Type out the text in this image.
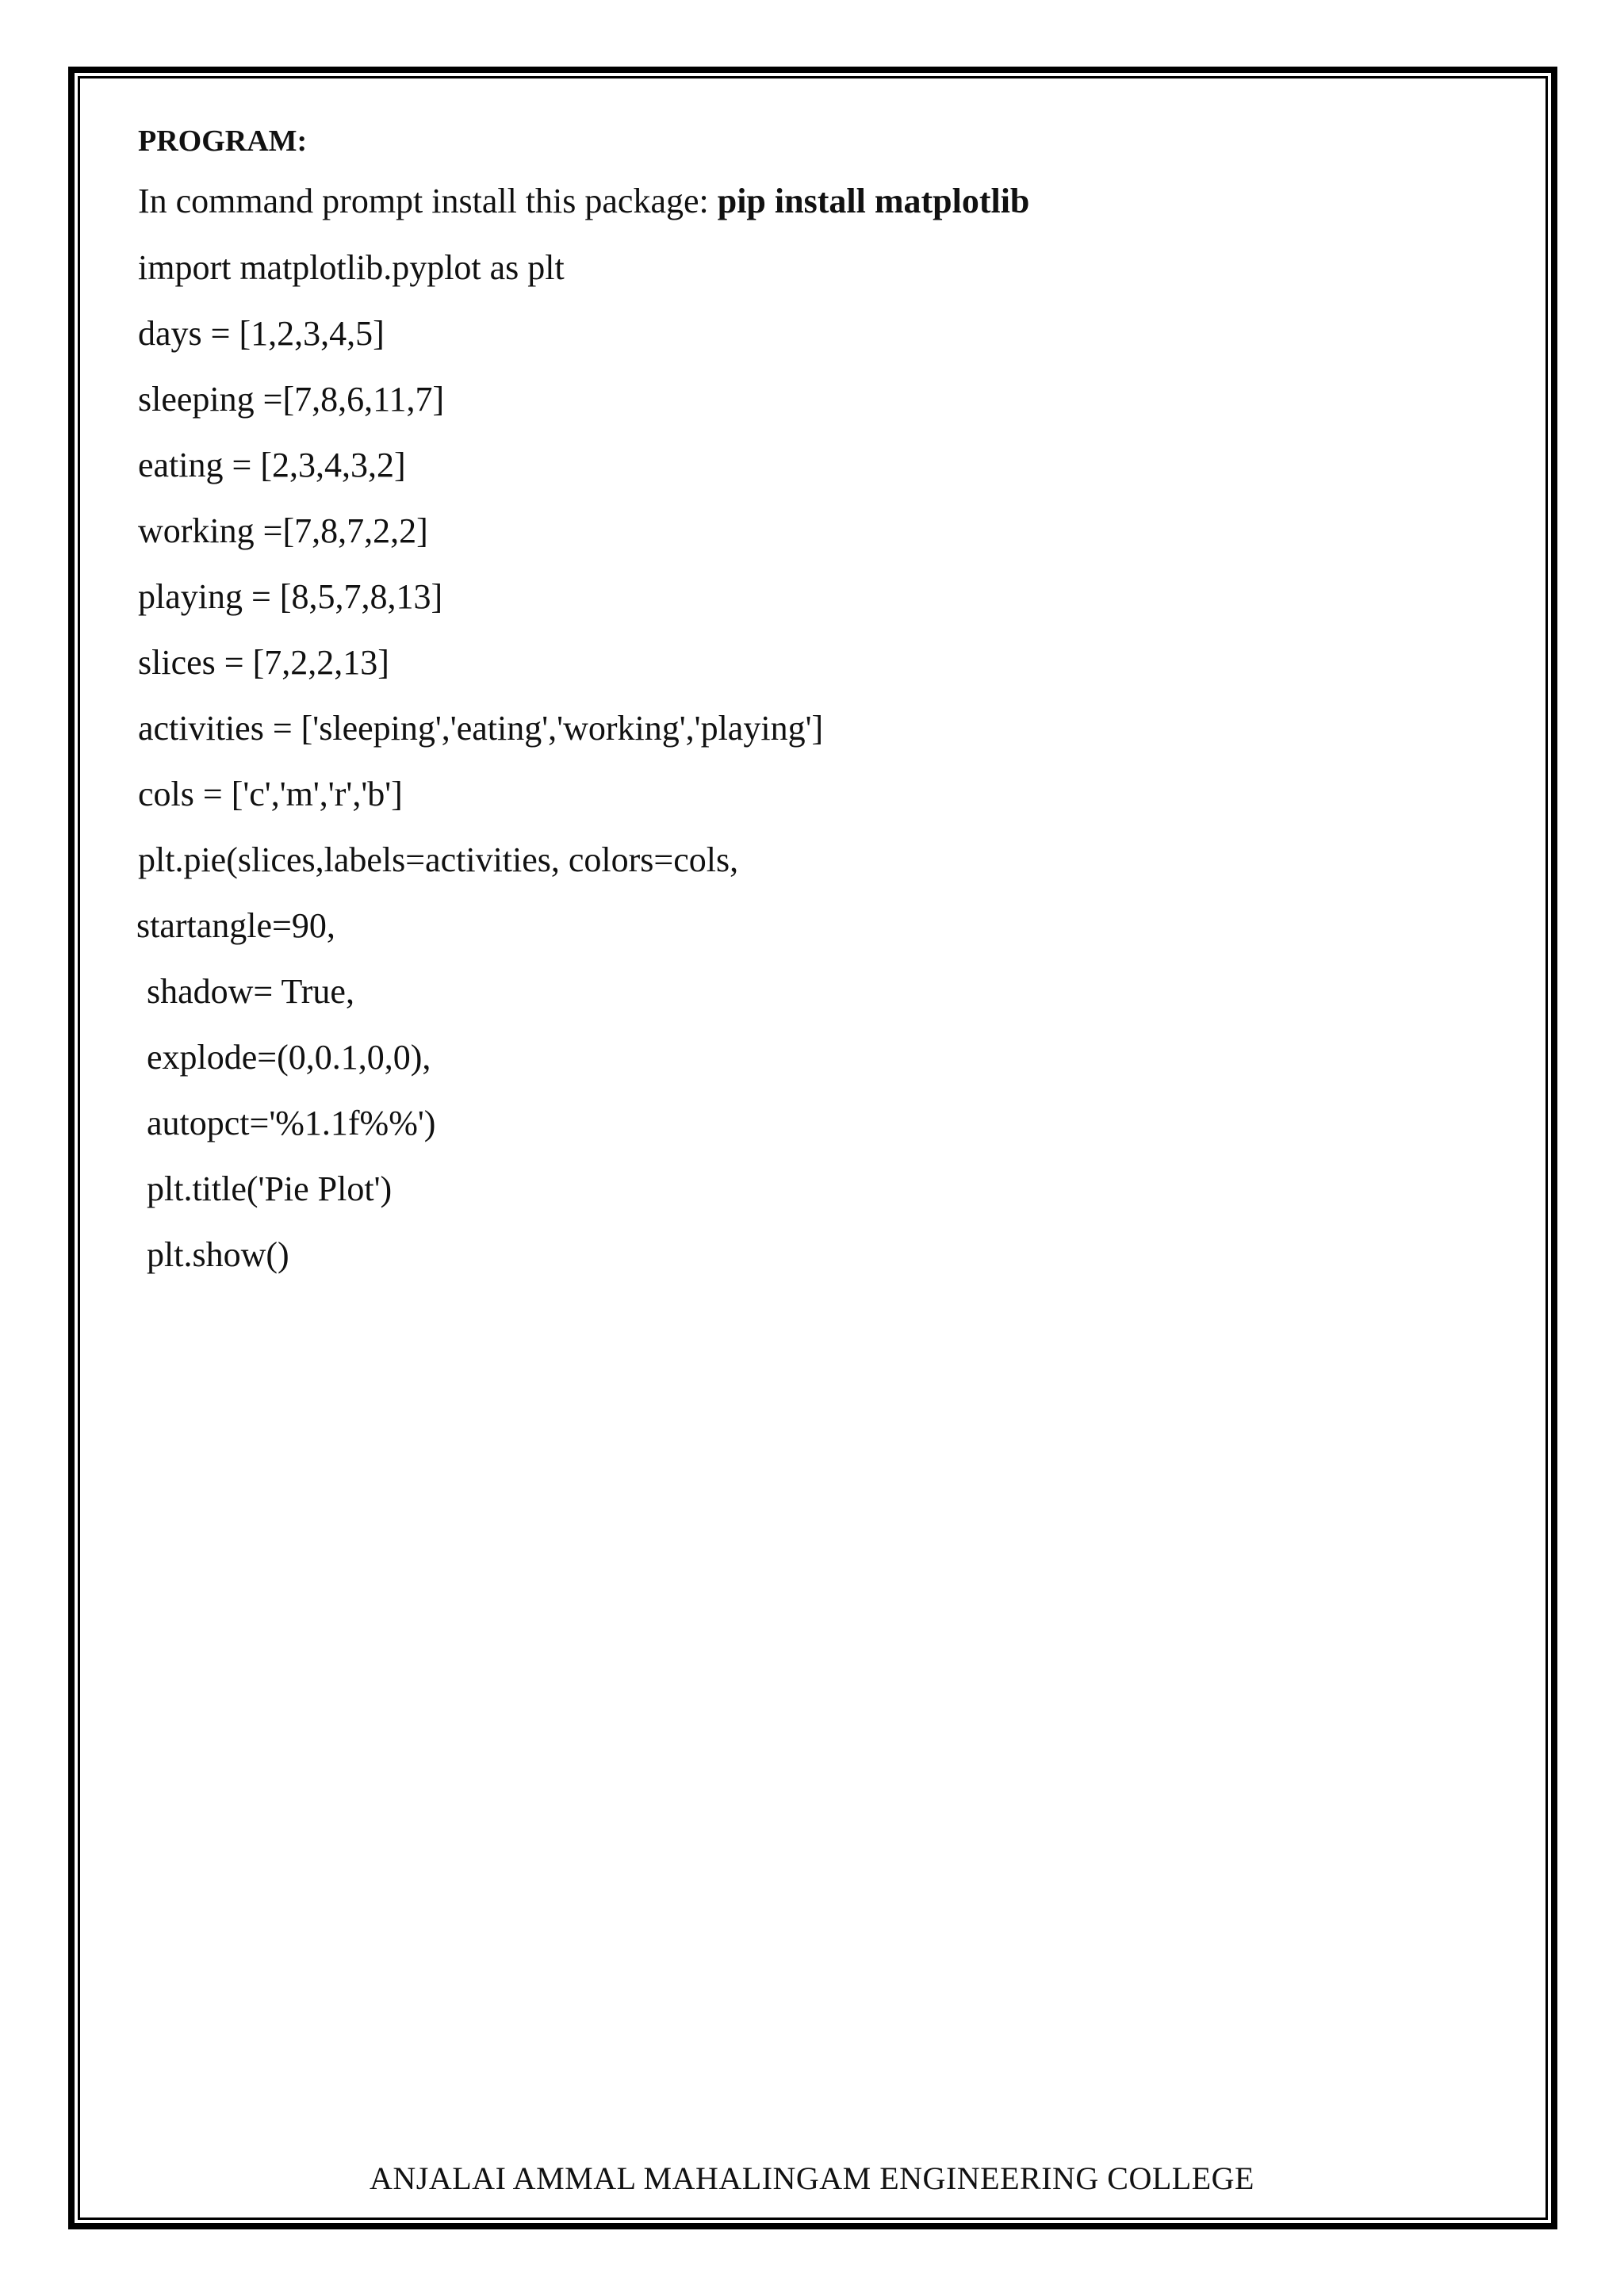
PROGRAM:
In command prompt install this package: pip install matplotlib
import matplotlib.pyplot as plt
days = [1,2,3,4,5]
sleeping =[7,8,6,11,7]
eating = [2,3,4,3,2]
working =[7,8,7,2,2]
playing = [8,5,7,8,13]
slices = [7,2,2,13]
activities = ['sleeping','eating','working','playing']
cols = ['c','m','r','b']
plt.pie(slices,labels=activities, colors=cols,
startangle=90,
shadow= True,
explode=(0,0.1,0,0),
autopct='%1.1f%%')
plt.title('Pie Plot')
plt.show()
ANJALAI AMMAL MAHALINGAM ENGINEERING COLLEGE
